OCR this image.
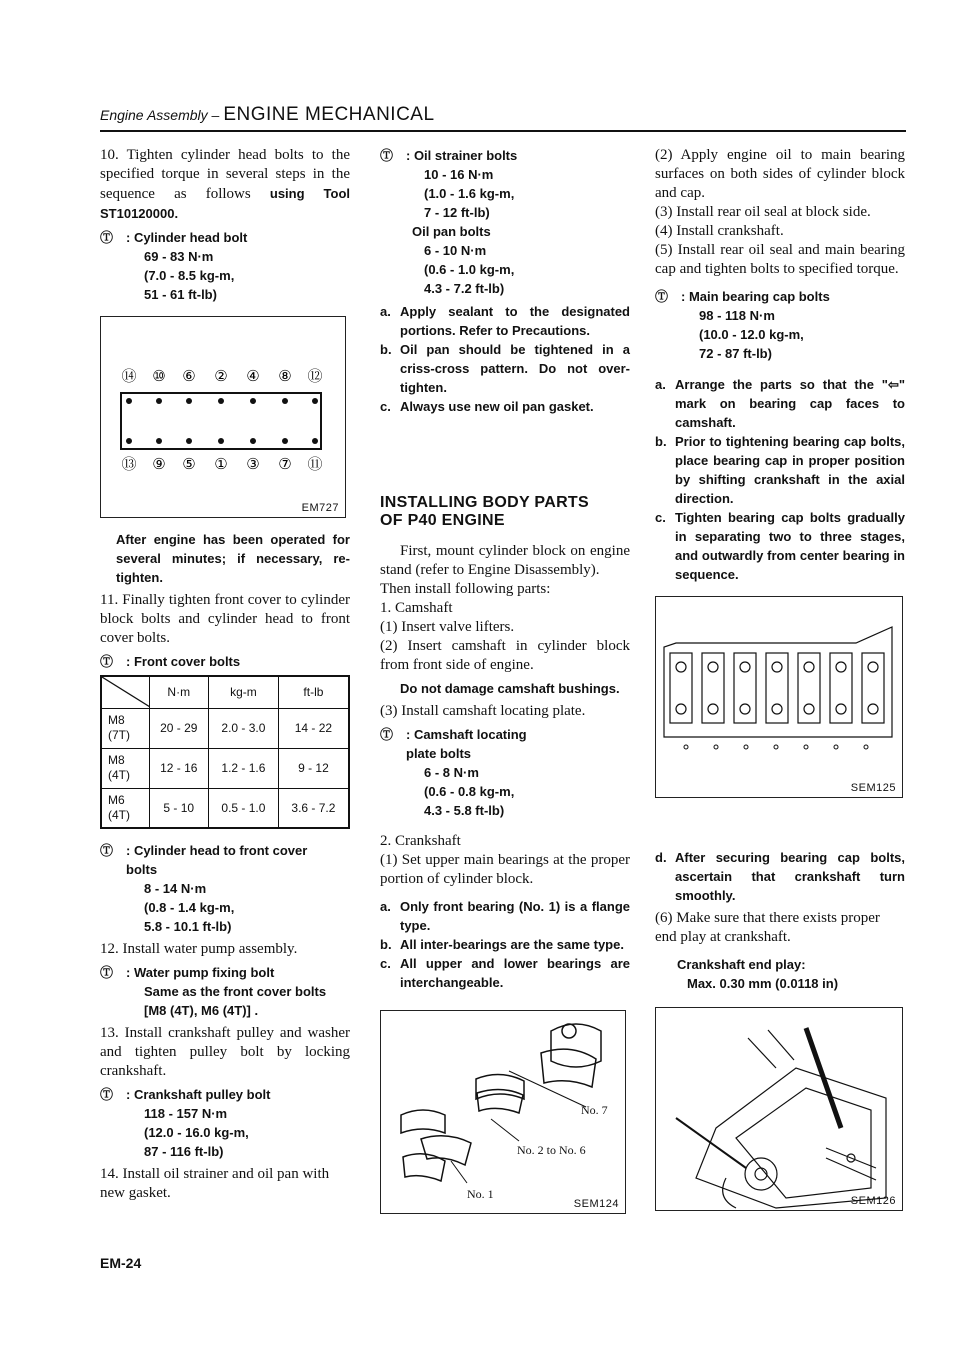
Engine Assembly – ENGINE MECHANICAL

10. Tighten cylinder head bolts to the specified torque in several steps in the sequence as follows using Tool ST10120000.

Ⓣ : Cylinder head bolt
69 - 83 N·m
(7.0 - 8.5 kg-m,
51 - 61 ft-lb)
⑭
⑬
⑩
⑨
⑥
⑤
②
①
④
③
⑧
⑦
⑫
⑪
EM727
After engine has been operated for several minutes; if necessary, re-tighten.

11. Finally tighten front cover to cylinder block bolts and cylinder head to front cover bolts.

Ⓣ : Front cover bolts
	N·m	kg-m	ft-lb
M8
(7T)	20 - 29	2.0 - 3.0	14 - 22
M8
(4T)	12 - 16	1.2 - 1.6	9 - 12
M6
(4T)	5 - 10	0.5 - 1.0	3.6 - 7.2
Ⓣ : Cylinder head to front cover
bolts
8 - 14 N·m
(0.8 - 1.4 kg-m,
5.8 - 10.1 ft-lb)

12. Install water pump assembly.

Ⓣ : Water pump fixing bolt
Same as the front cover bolts
[M8 (4T), M6 (4T)] .

13. Install crankshaft pulley and washer and tighten pulley bolt by locking crankshaft.

Ⓣ : Crankshaft pulley bolt
118 - 157 N·m
(12.0 - 16.0 kg-m,
87 - 116 ft-lb)

14. Install oil strainer and oil pan with new gasket.

Ⓣ : Oil strainer bolts
10 - 16 N·m
(1.0 - 1.6 kg-m,
7 - 12 ft-lb)
Oil pan bolts
6 - 10 N·m
(0.6 - 1.0 kg-m,
4.3 - 7.2 ft-lb)
a. Apply sealant to the designated portions. Refer to Precautions.
b. Oil pan should be tightened in a criss-cross pattern. Do not over-tighten.
c. Always use new oil pan gasket.
INSTALLING BODY PARTS
OF P40 ENGINE

First, mount cylinder block on engine stand (refer to Engine Disassembly).

Then install following parts:

1. Camshaft

(1) Insert valve lifters.

(2) Insert camshaft in cylinder block from front side of engine.

Do not damage camshaft bushings.

(3) Install camshaft locating plate.

Ⓣ : Camshaft locating
plate bolts
6 - 8 N·m
(0.6 - 0.8 kg-m,
4.3 - 5.8 ft-lb)

2. Crankshaft

(1) Set upper main bearings at the proper portion of cylinder block.

a. Only front bearing (No. 1) is a flange type.
b. All inter-bearings are the same type.
c. All upper and lower bearings are interchangeable.
No. 7
No. 2 to No. 6
No. 1
SEM124

(2) Apply engine oil to main bearing surfaces on both sides of cylinder block and cap.

(3) Install rear oil seal at block side.

(4) Install crankshaft.

(5) Install rear oil seal and main bearing cap and tighten bolts to specified torque.

Ⓣ : Main bearing cap bolts
98 - 118 N·m
(10.0 - 12.0 kg-m,
72 - 87 ft-lb)
a. Arrange the parts so that the "⇦" mark on bearing cap faces to camshaft.
b. Prior to tightening bearing cap bolts, place bearing cap in proper position by shifting crankshaft in the axial direction.
c. Tighten bearing cap bolts gradually in separating two to three stages, and outwardly from center bearing in sequence.
SEM125
d. After securing bearing cap bolts, ascertain that crankshaft turn smoothly.

(6) Make sure that there exists proper end play at crankshaft.

Crankshaft end play:
Max. 0.30 mm (0.0118 in)
SEM126
EM-24
